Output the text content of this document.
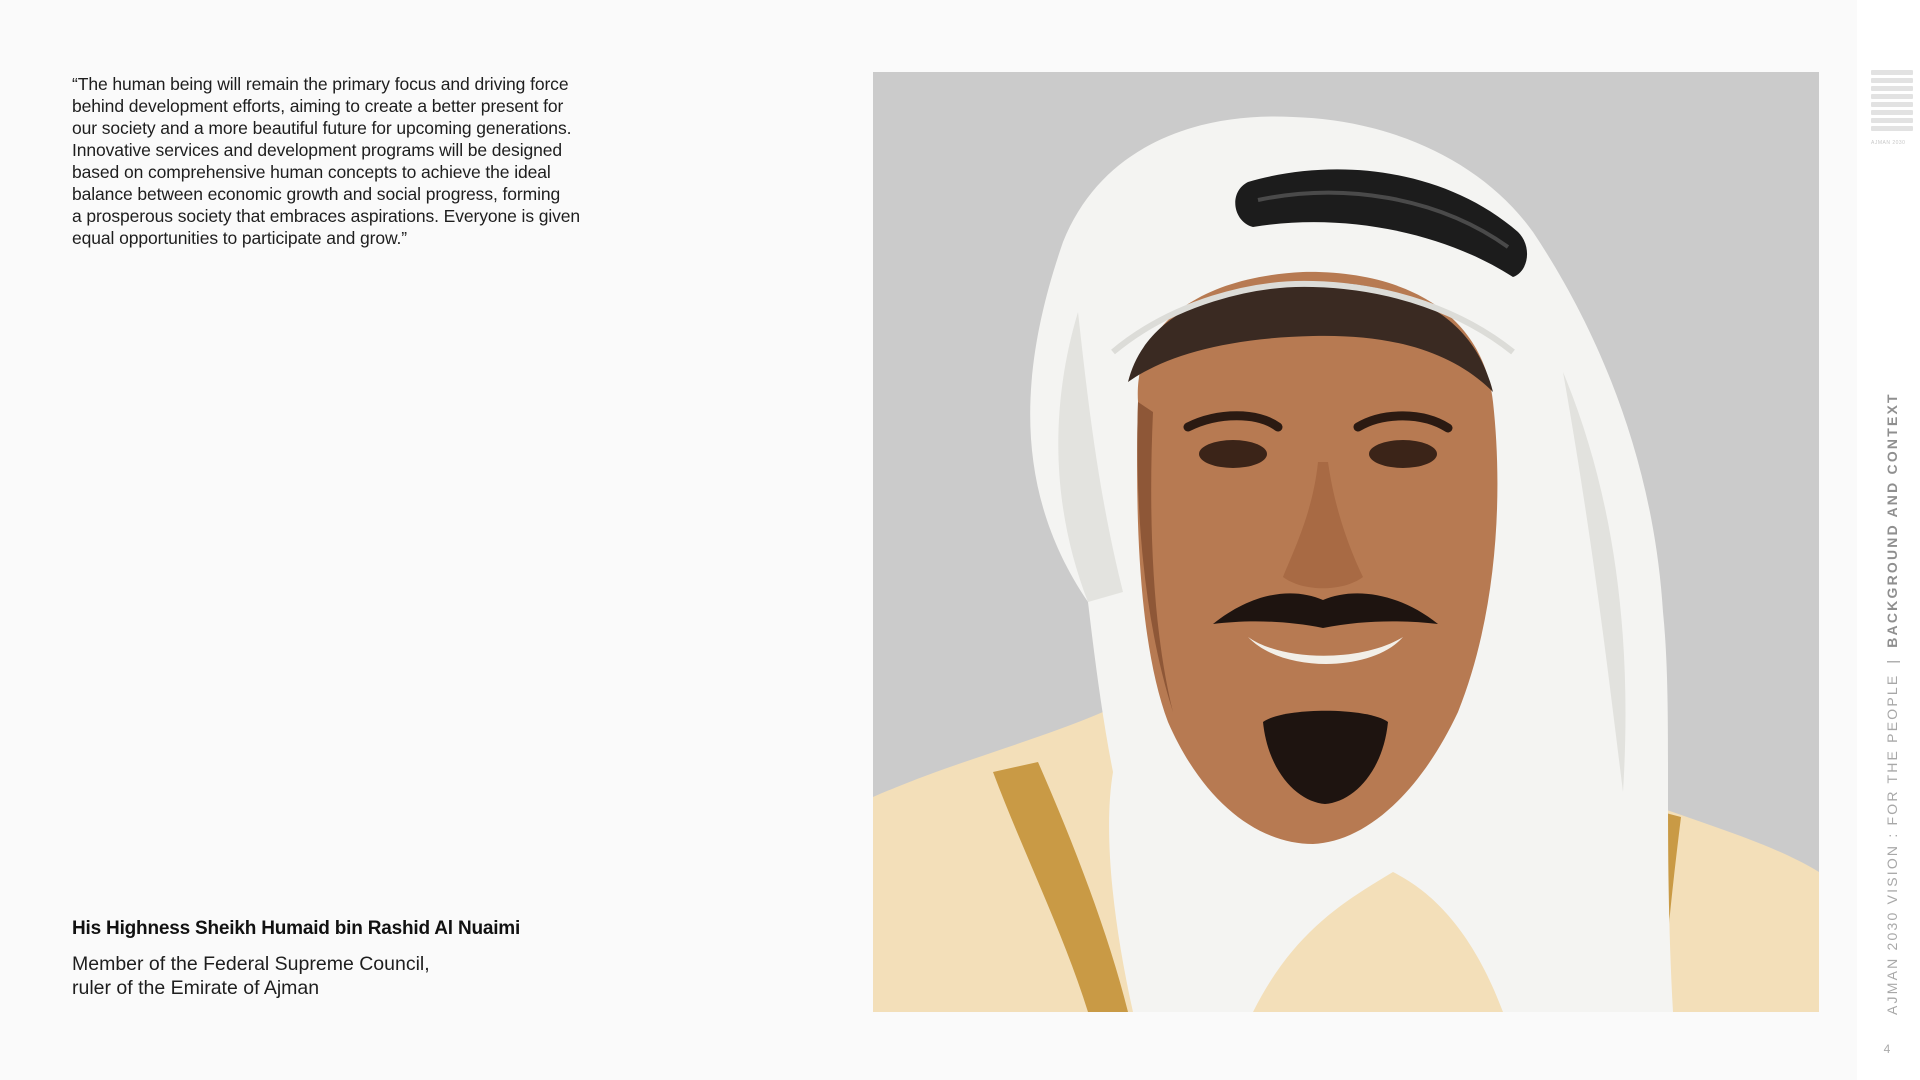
“The human being will remain the primary focus and driving force
behind development efforts, aiming to create a better present for
our society and a more beautiful future for upcoming generations.
Innovative services and development programs will be designed
based on comprehensive human concepts to achieve the ideal
balance between economic growth and social progress, forming
a prosperous society that embraces aspirations. Everyone is given
equal opportunities to participate and grow.”
His Highness Sheikh Humaid bin Rashid Al Nuaimi
Member of the Federal Supreme Council,
ruler of the Emirate of Ajman
AJMAN 2030
AJMAN 2030 VISION : FOR THE PEOPLE|BACKGROUND AND CONTEXT
4
